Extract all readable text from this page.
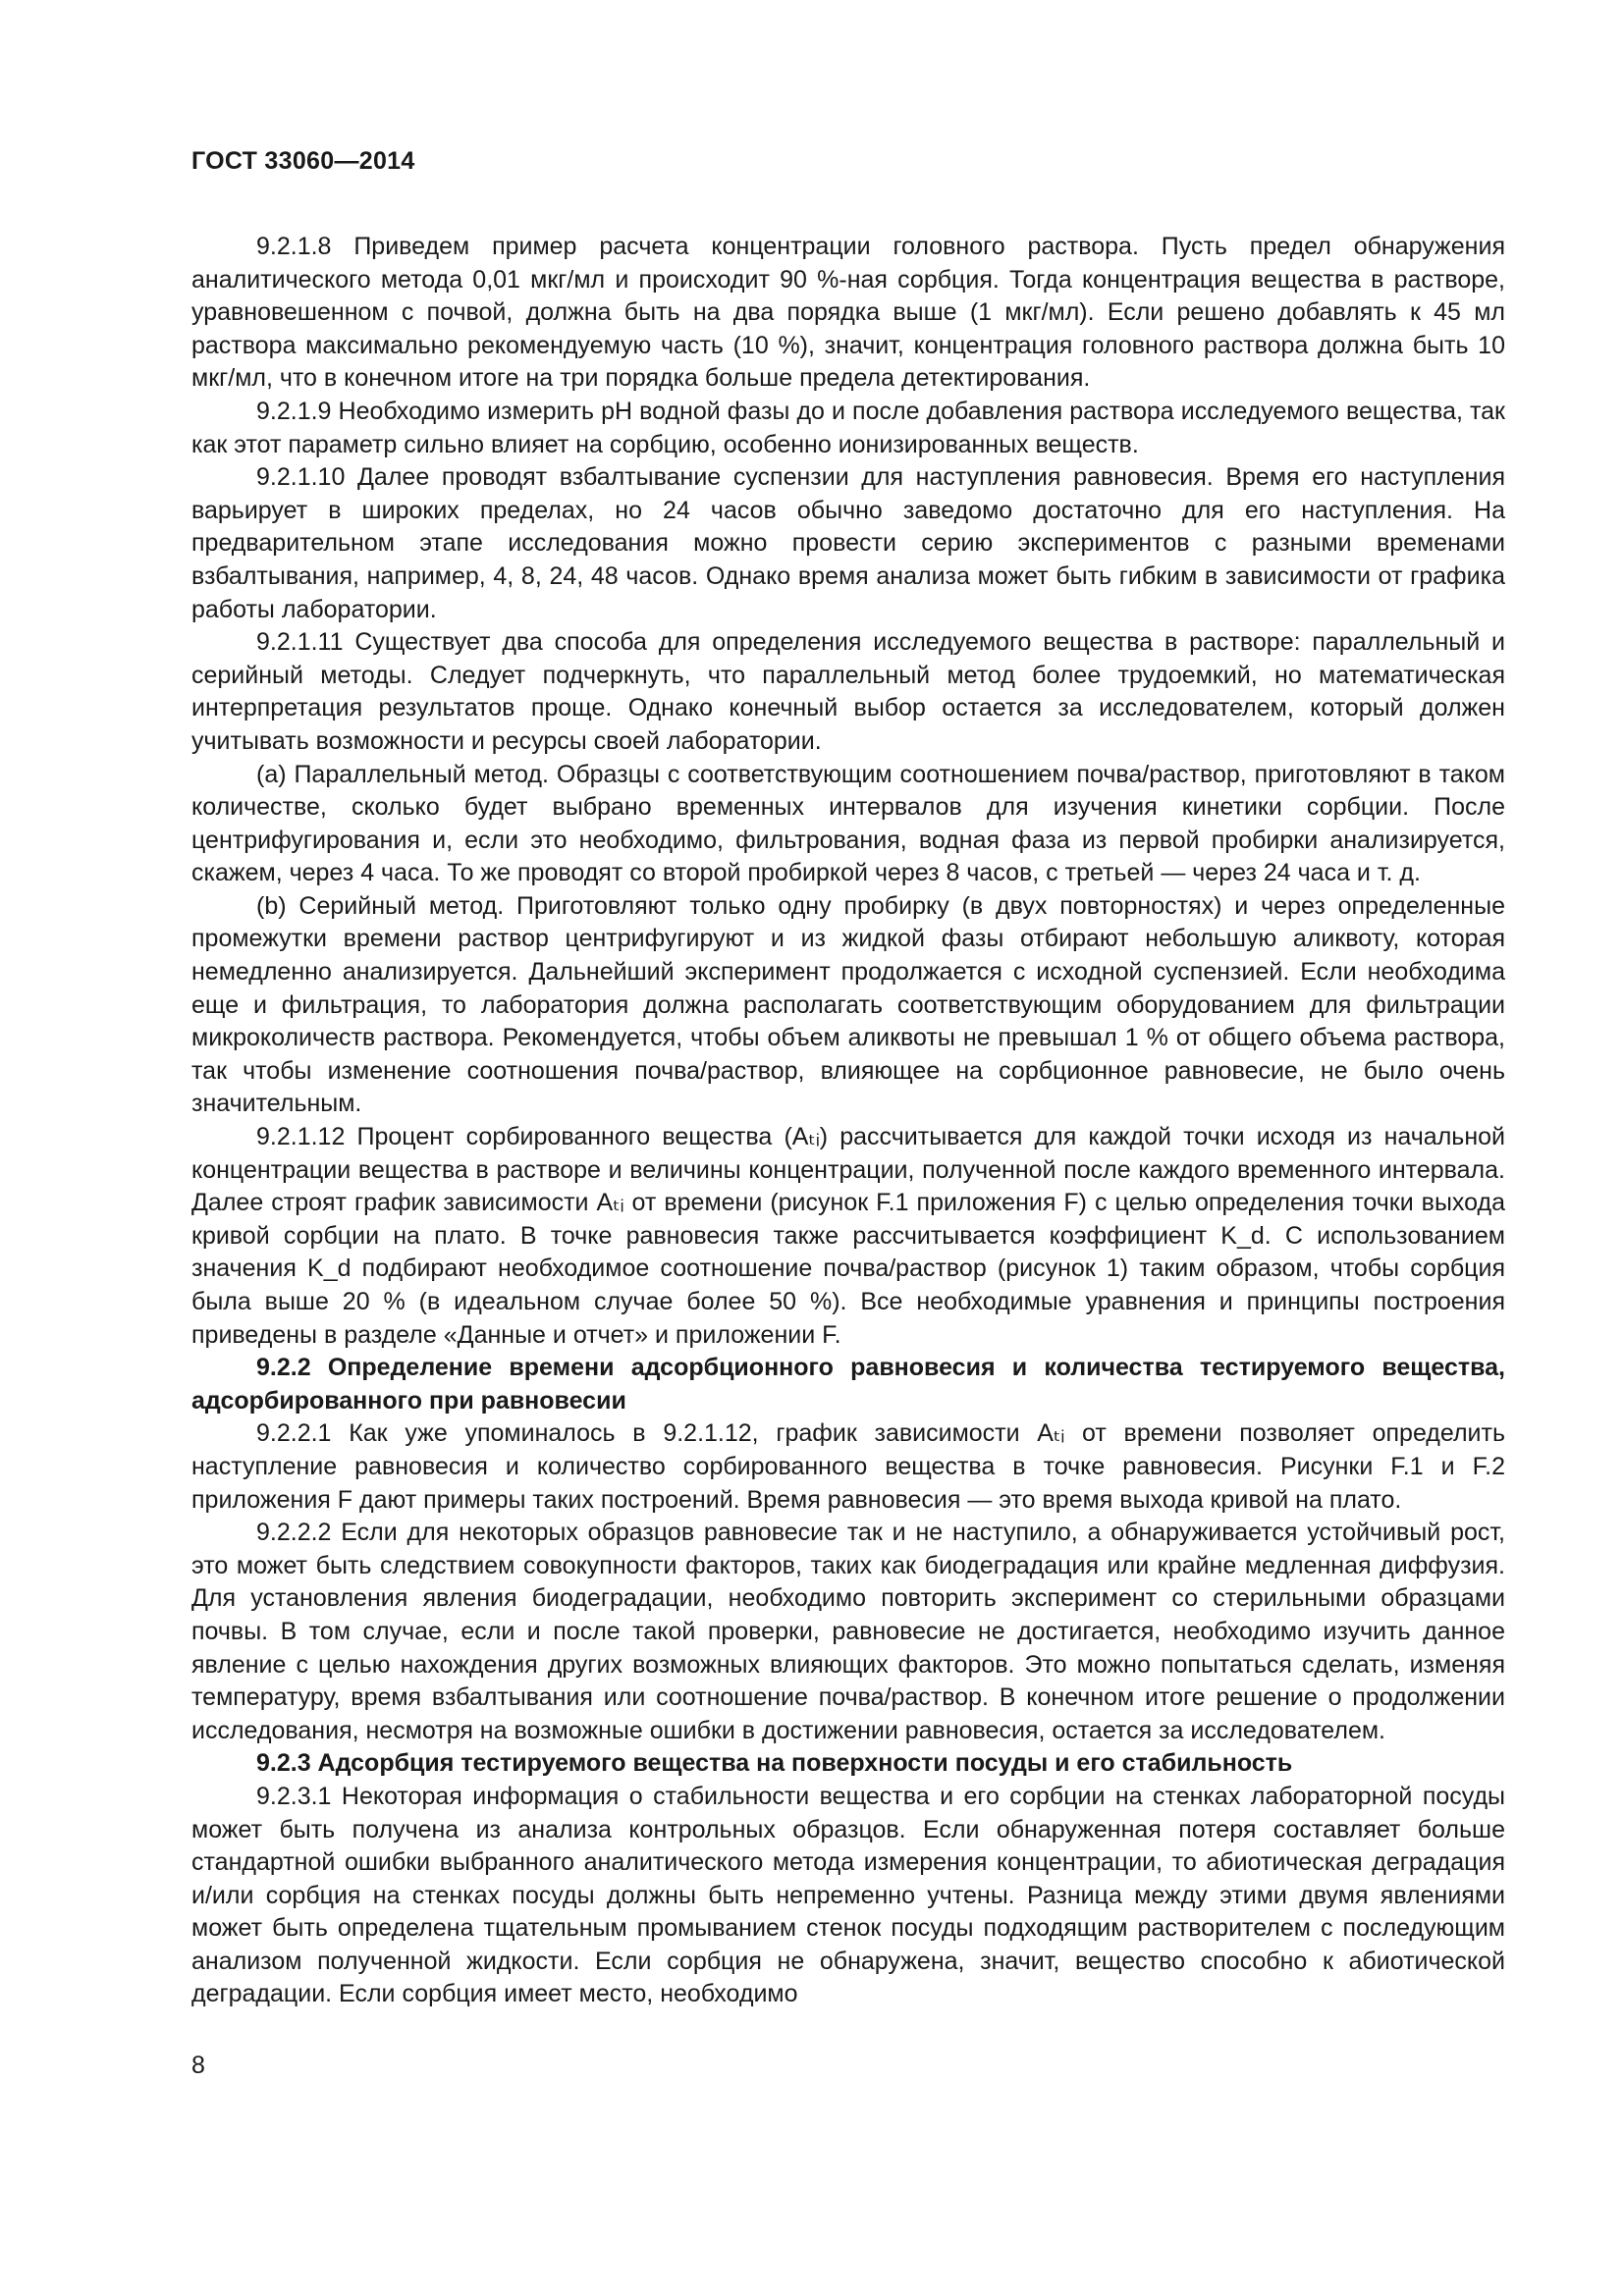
ГОСТ 33060—2014

9.2.1.8 Приведем пример расчета концентрации головного раствора. Пусть предел обнаружения аналитического метода 0,01 мкг/мл и происходит 90 %-ная сорбция. Тогда концентрация вещества в растворе, уравновешенном с почвой, должна быть на два порядка выше (1 мкг/мл). Если решено добавлять к 45 мл раствора максимально рекомендуемую часть (10 %), значит, концентрация головного раствора должна быть 10 мкг/мл, что в конечном итоге на три порядка больше предела детектирования.

9.2.1.9 Необходимо измерить pH водной фазы до и после добавления раствора исследуемого вещества, так как этот параметр сильно влияет на сорбцию, особенно ионизированных веществ.

9.2.1.10 Далее проводят взбалтывание суспензии для наступления равновесия. Время его наступления варьирует в широких пределах, но 24 часов обычно заведомо достаточно для его наступления. На предварительном этапе исследования можно провести серию экспериментов с разными временами взбалтывания, например, 4, 8, 24, 48 часов. Однако время анализа может быть гибким в зависимости от графика работы лаборатории.

9.2.1.11 Существует два способа для определения исследуемого вещества в растворе: параллельный и серийный методы. Следует подчеркнуть, что параллельный метод более трудоемкий, но математическая интерпретация результатов проще. Однако конечный выбор остается за исследователем, который должен учитывать возможности и ресурсы своей лаборатории.

(а) Параллельный метод. Образцы с соответствующим соотношением почва/раствор, приготовляют в таком количестве, сколько будет выбрано временных интервалов для изучения кинетики сорбции. После центрифугирования и, если это необходимо, фильтрования, водная фаза из первой пробирки анализируется, скажем, через 4 часа. То же проводят со второй пробиркой через 8 часов, с третьей — через 24 часа и т. д.

(b) Серийный метод. Приготовляют только одну пробирку (в двух повторностях) и через определенные промежутки времени раствор центрифугируют и из жидкой фазы отбирают небольшую аликвоту, которая немедленно анализируется. Дальнейший эксперимент продолжается с исходной суспензией. Если необходима еще и фильтрация, то лаборатория должна располагать соответствующим оборудованием для фильтрации микроколичеств раствора. Рекомендуется, чтобы объем аликвоты не превышал 1 % от общего объема раствора, так чтобы изменение соотношения почва/раствор, влияющее на сорбционное равновесие, не было очень значительным.

9.2.1.12 Процент сорбированного вещества (Aₜᵢ) рассчитывается для каждой точки исходя из начальной концентрации вещества в растворе и величины концентрации, полученной после каждого временного интервала. Далее строят график зависимости Aₜᵢ от времени (рисунок F.1 приложения F) с целью определения точки выхода кривой сорбции на плато. В точке равновесия также рассчитывается коэффициент K_d. С использованием значения K_d подбирают необходимое соотношение почва/раствор (рисунок 1) таким образом, чтобы сорбция была выше 20 % (в идеальном случае более 50 %). Все необходимые уравнения и принципы построения приведены в разделе «Данные и отчет» и приложении F.

9.2.2 Определение времени адсорбционного равновесия и количества тестируемого вещества, адсорбированного при равновесии

9.2.2.1 Как уже упоминалось в 9.2.1.12, график зависимости Aₜᵢ от времени позволяет определить наступление равновесия и количество сорбированного вещества в точке равновесия. Рисунки F.1 и F.2 приложения F дают примеры таких построений. Время равновесия — это время выхода кривой на плато.

9.2.2.2 Если для некоторых образцов равновесие так и не наступило, а обнаруживается устойчивый рост, это может быть следствием совокупности факторов, таких как биодеградация или крайне медленная диффузия. Для установления явления биодеградации, необходимо повторить эксперимент со стерильными образцами почвы. В том случае, если и после такой проверки, равновесие не достигается, необходимо изучить данное явление с целью нахождения других возможных влияющих факторов. Это можно попытаться сделать, изменяя температуру, время взбалтывания или соотношение почва/раствор. В конечном итоге решение о продолжении исследования, несмотря на возможные ошибки в достижении равновесия, остается за исследователем.

9.2.3 Адсорбция тестируемого вещества на поверхности посуды и его стабильность

9.2.3.1 Некоторая информация о стабильности вещества и его сорбции на стенках лабораторной посуды может быть получена из анализа контрольных образцов. Если обнаруженная потеря составляет больше стандартной ошибки выбранного аналитического метода измерения концентрации, то абиотическая деградация и/или сорбция на стенках посуды должны быть непременно учтены. Разница между этими двумя явлениями может быть определена тщательным промыванием стенок посуды подходящим растворителем с последующим анализом полученной жидкости. Если сорбция не обнаружена, значит, вещество способно к абиотической деградации. Если сорбция имеет место, необходимо

8
